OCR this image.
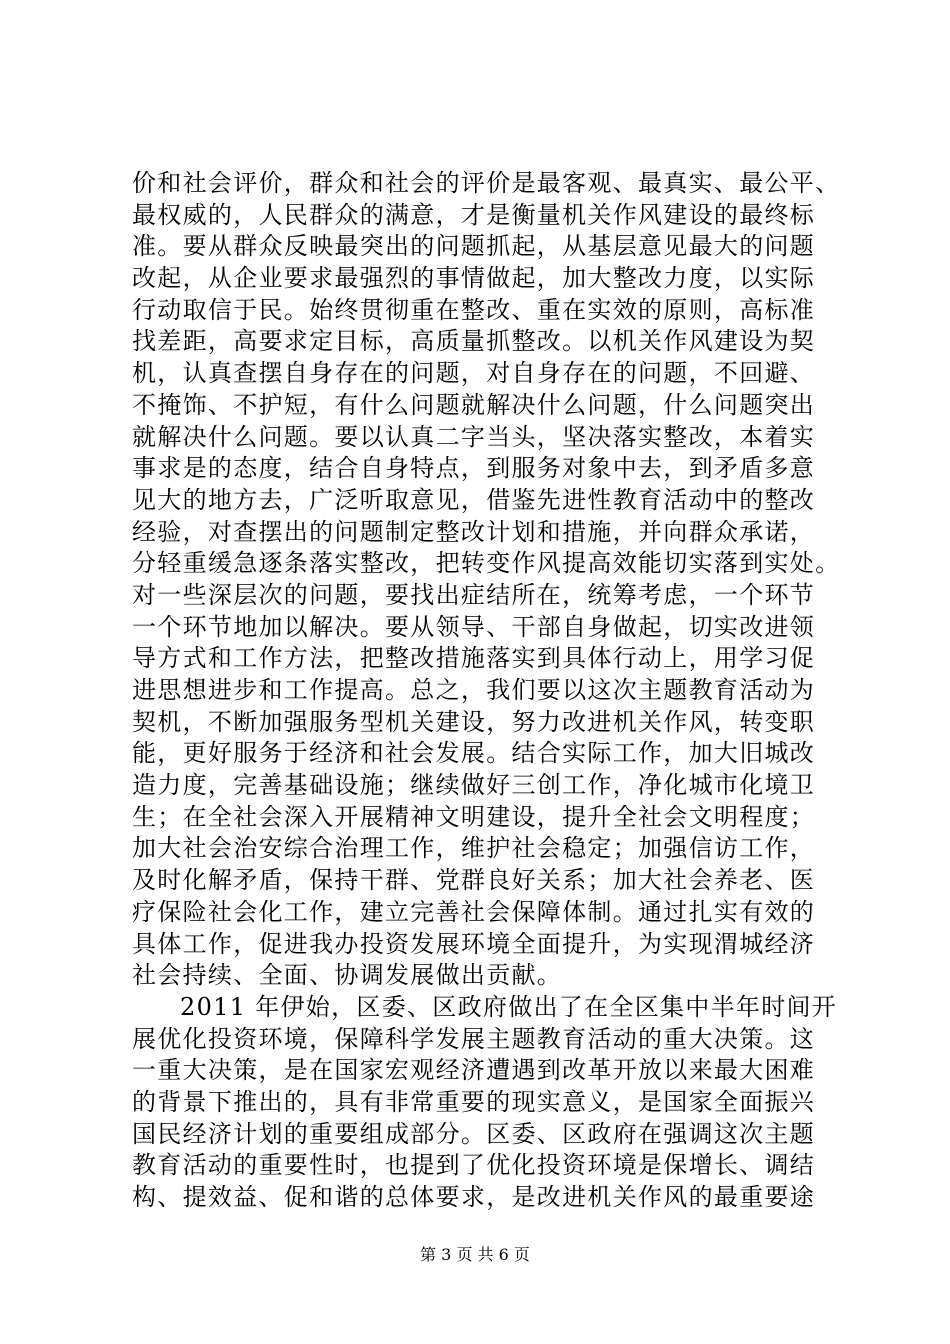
价和社会评价，群众和社会的评价是最客观、最真实、最公平、
最权威的，人民群众的满意，才是衡量机关作风建设的最终标
准。要从群众反映最突出的问题抓起，从基层意见最大的问题
改起，从企业要求最强烈的事情做起，加大整改力度，以实际
行动取信于民。始终贯彻重在整改、重在实效的原则，高标准
找差距，高要求定目标，高质量抓整改。以机关作风建设为契
机，认真查摆自身存在的问题，对自身存在的问题，不回避、
不掩饰、不护短，有什么问题就解决什么问题，什么问题突出
就解决什么问题。要以认真二字当头，坚决落实整改，本着实
事求是的态度，结合自身特点，到服务对象中去，到矛盾多意
见大的地方去，广泛听取意见，借鉴先进性教育活动中的整改
经验，对查摆出的问题制定整改计划和措施，并向群众承诺，
分轻重缓急逐条落实整改，把转变作风提高效能切实落到实处。
对一些深层次的问题，要找出症结所在，统筹考虑，一个环节
一个环节地加以解决。要从领导、干部自身做起，切实改进领
导方式和工作方法，把整改措施落实到具体行动上，用学习促
进思想进步和工作提高。总之，我们要以这次主题教育活动为
契机，不断加强服务型机关建设，努力改进机关作风，转变职
能，更好服务于经济和社会发展。结合实际工作，加大旧城改
造力度，完善基础设施；继续做好三创工作，净化城市化境卫
生；在全社会深入开展精神文明建设，提升全社会文明程度；
加大社会治安综合治理工作，维护社会稳定；加强信访工作，
及时化解矛盾，保持干群、党群良好关系；加大社会养老、医
疗保险社会化工作，建立完善社会保障体制。通过扎实有效的
具体工作，促进我办投资发展环境全面提升，为实现渭城经济
社会持续、全面、协调发展做出贡献。
2011 年伊始，区委、区政府做出了在全区集中半年时间开
展优化投资环境，保障科学发展主题教育活动的重大决策。这
一重大决策，是在国家宏观经济遭遇到改革开放以来最大困难
的背景下推出的，具有非常重要的现实意义，是国家全面振兴
国民经济计划的重要组成部分。区委、区政府在强调这次主题
教育活动的重要性时，也提到了优化投资环境是保增长、调结
构、提效益、促和谐的总体要求，是改进机关作风的最重要途
第 3 页 共 6 页
